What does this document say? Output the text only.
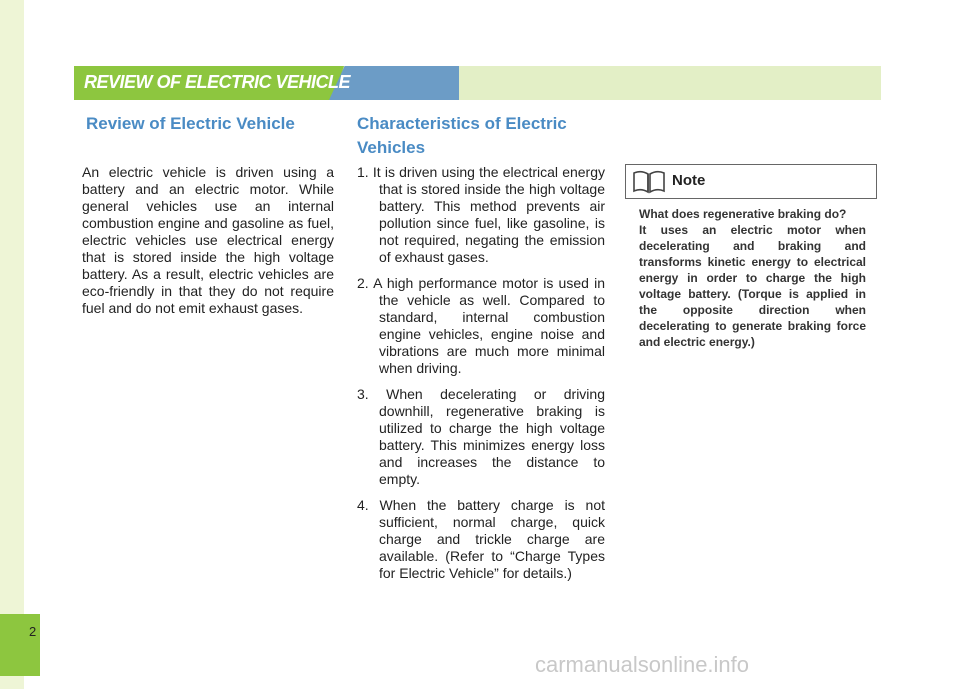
2
REVIEW OF ELECTRIC VEHICLE
Review of Electric Vehicle
An electric vehicle is driven using a battery and an electric motor. While general vehicles use an internal combustion engine and gasoline as fuel, electric vehicles use electrical energy that is stored inside the high voltage battery. As a result, electric vehicles are eco-friendly in that they do not require fuel and do not emit exhaust gases.
Characteristics of Electric
Vehicles
1. It is driven using the electrical energy that is stored inside the high voltage battery. This method prevents air pollution since fuel, like gasoline, is not required, negating the emission of exhaust gases.
2. A high performance motor is used in the vehicle as well. Compared to standard, internal combustion engine vehicles, engine noise and vibrations are much more minimal when driving.
3. When decelerating or driving downhill, regenerative braking is utilized to charge the high voltage battery. This minimizes energy loss and increases the distance to empty.
4. When the battery charge is not sufficient, normal charge, quick charge and trickle charge are available. (Refer to “Charge Types for Electric Vehicle” for details.)
Note
What does regenerative braking do?
It uses an electric motor when decelerating and braking and transforms kinetic energy to electrical energy in order to charge the high voltage battery. (Torque is applied in the opposite direction when decelerating to generate braking force and electric energy.)
carmanualsonline.info
